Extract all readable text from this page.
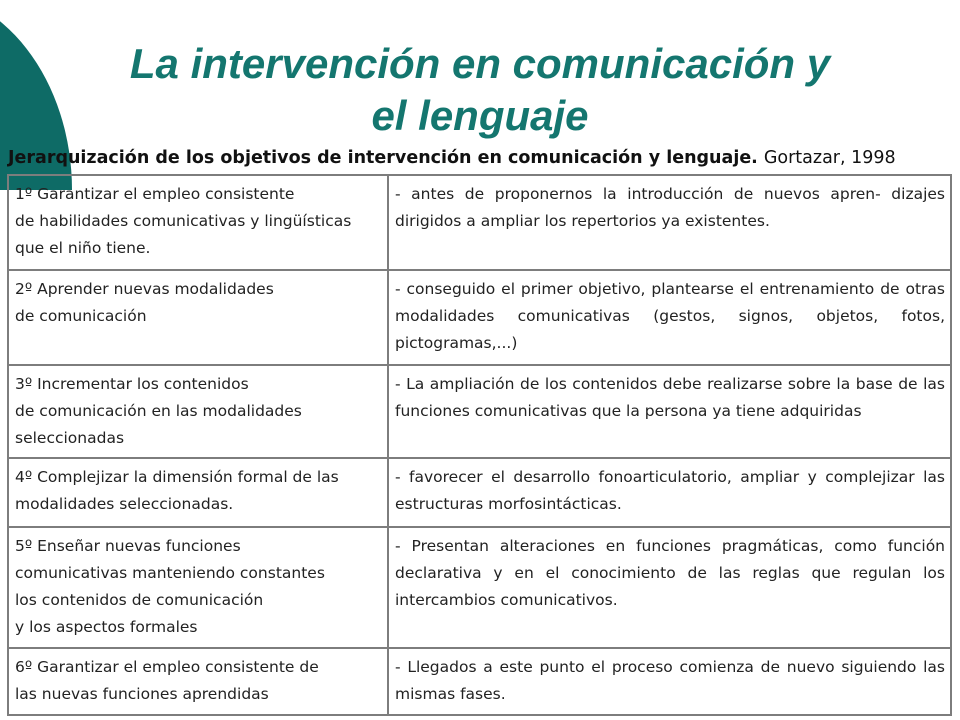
La intervención en comunicación y
el lenguaje
Jerarquización de los objetivos de intervención en comunicación y lenguaje. Gortazar, 1998
1º Garantizar el empleo consistente
de habilidades comunicativas y lingüísticas
que el niño tiene.	- antes de proponernos la introducción de nuevos apren- dizajes dirigidos a ampliar los repertorios ya existentes.

2º Aprender nuevas modalidades
de comunicación	- conseguido el primer objetivo, plantearse el entrenamiento de otras modalidades comunicativas (gestos, signos, objetos, fotos, pictogramas,...)

3º Incrementar los contenidos
de comunicación en las modalidades
seleccionadas	- La ampliación de los contenidos debe realizarse sobre la base de las funciones comunicativas que la persona ya tiene adquiridas

4º Complejizar la dimensión formal de las
modalidades seleccionadas.	- favorecer el desarrollo fonoarticulatorio, ampliar y complejizar las estructuras morfosintácticas.

5º Enseñar nuevas funciones
comunicativas manteniendo constantes
los contenidos de comunicación
y los aspectos formales	- Presentan alteraciones en funciones pragmáticas, como función declarativa y en el conocimiento de las reglas que regulan los intercambios comunicativos.

6º Garantizar el empleo consistente de
las nuevas funciones aprendidas	- Llegados a este punto el proceso comienza de nuevo siguiendo las mismas fases.
